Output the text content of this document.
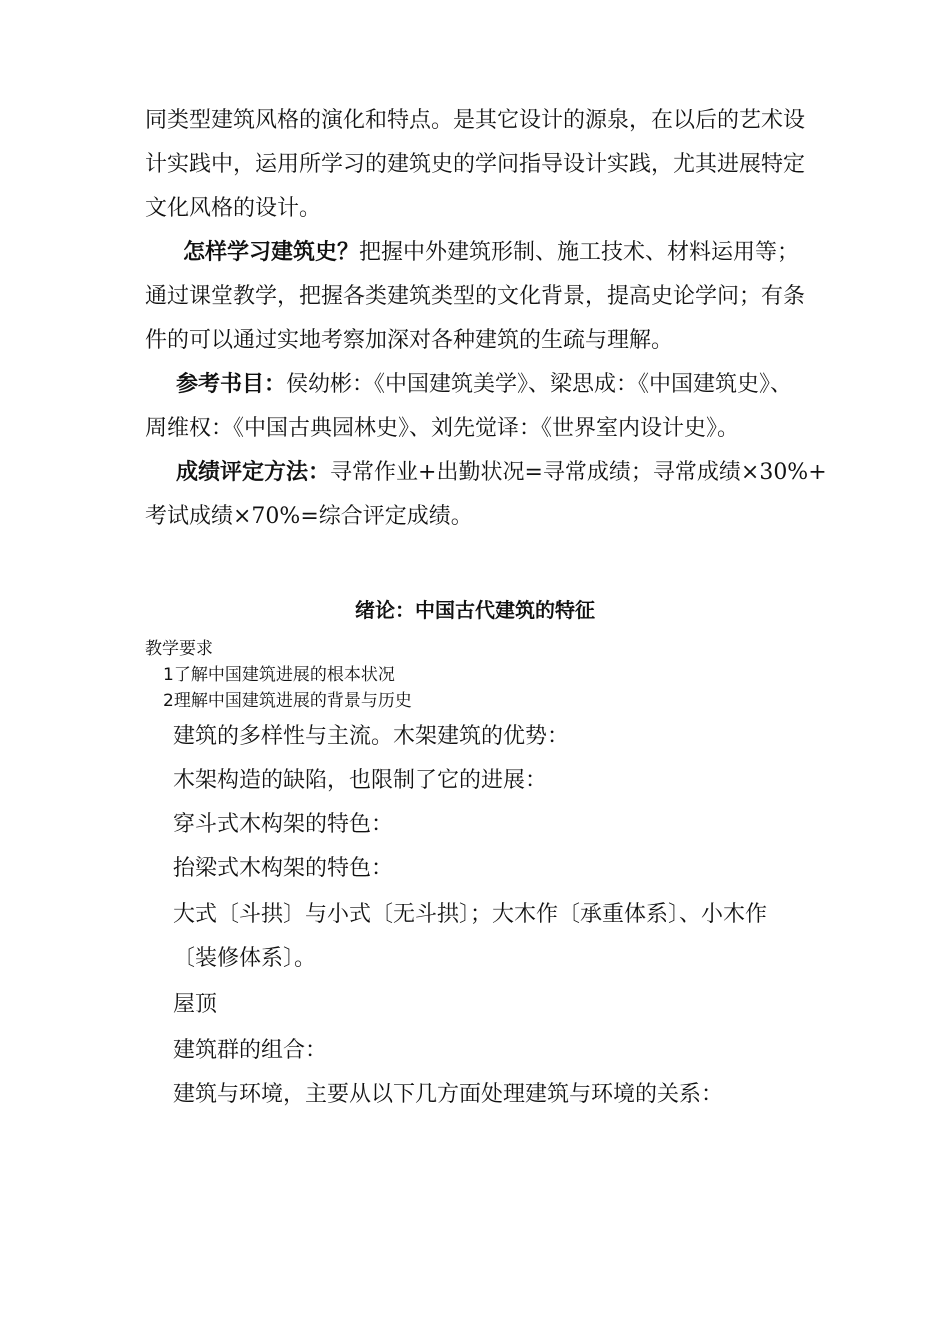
同类型建筑风格的演化和特点。是其它设计的源泉，在以后的艺术设
计实践中，运用所学习的建筑史的学问指导设计实践，尤其进展特定
文化风格的设计。
怎样学习建筑史？把握中外建筑形制、施工技术、材料运用等；
通过课堂教学，把握各类建筑类型的文化背景，提高史论学问；有条
件的可以通过实地考察加深对各种建筑的生疏与理解。
参考书目：侯幼彬：《中国建筑美学》、梁思成：《中国建筑史》、
周维权：《中国古典园林史》、刘先觉译：《世界室内设计史》。
成绩评定方法：寻常作业+出勤状况=寻常成绩；寻常成绩×30%+
考试成绩×70%=综合评定成绩。
绪论：中国古代建筑的特征
教学要求
1了解中国建筑进展的根本状况
2理解中国建筑进展的背景与历史
建筑的多样性与主流。木架建筑的优势：
木架构造的缺陷，也限制了它的进展：
穿斗式木构架的特色：
抬梁式木构架的特色：
大式〔斗拱〕与小式〔无斗拱〕；大木作〔承重体系〕、小木作
〔装修体系〕。
屋顶
建筑群的组合：
建筑与环境，主要从以下几方面处理建筑与环境的关系：
